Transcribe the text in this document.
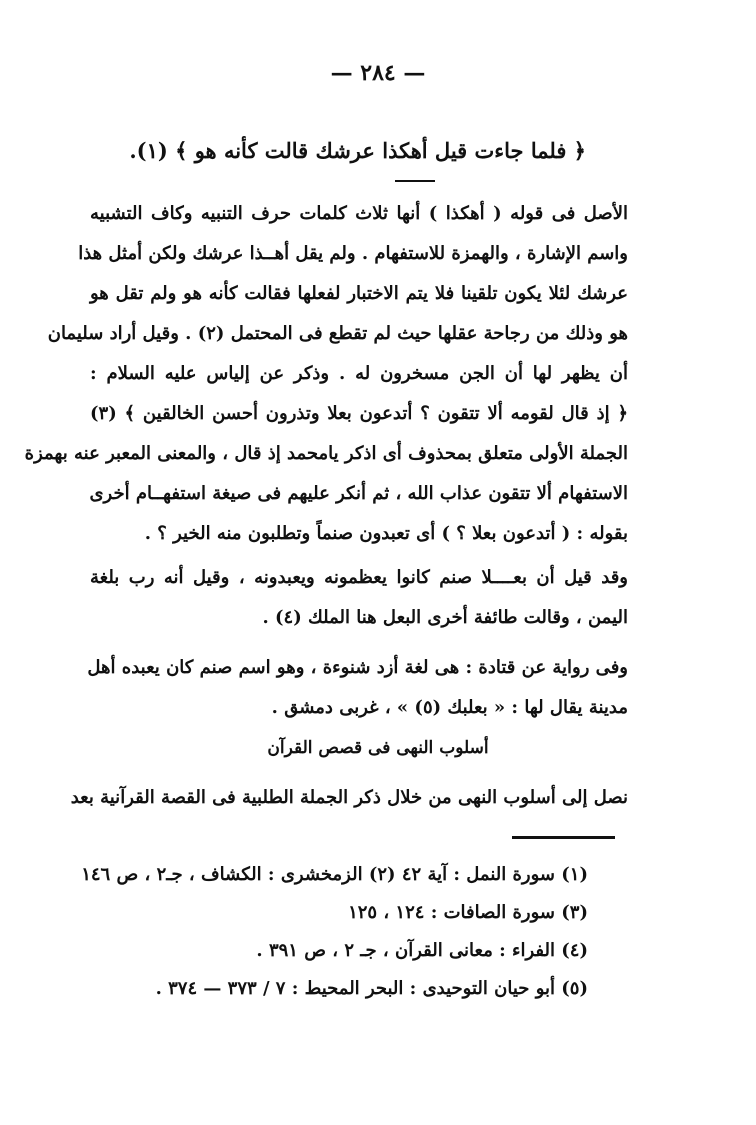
— ٢٨٤ —
﴿ فلما جاءت قيل أهكذا عرشك قالت كأنه هو ﴾ (١).
الأصل فى قوله ( أهكذا ) أنها ثلاث كلمات حرف التنبيه وكاف التشبيه
واسم الإشارة ، والهمزة للاستفهام . ولم يقل أهــذا عرشك ولكن أمثل هذا
عرشك لئلا يكون تلقينا فلا يتم الاختبار لفعلها فقالت كأنه هو ولم تقل هو
هو وذلك من رجاحة عقلها حيث لم تقطع فى المحتمل (٢) . وقيل أراد سليمان
أن يظهر لها أن الجن مسخرون له . وذكر عن إلياس عليه السلام :
﴿ إذ قال لقومه ألا تتقون ؟ أتدعون بعلا وتذرون أحسن الخالقين ﴾ (٣)
الجملة الأولى متعلق بمحذوف أى اذكر يامحمد إذ قال ، والمعنى المعبر عنه بهمزة
الاستفهام ألا تتقون عذاب الله ، ثم أنكر عليهم فى صيغة استفهــام أخرى
بقوله : ( أتدعون بعلا ؟ ) أى تعبدون صنماً وتطلبون منه الخير ؟ .
وقد قيل أن بعــــلا صنم كانوا يعظمونه ويعبدونه ، وقيل أنه رب بلغة
اليمن ، وقالت طائفة أخرى البعل هنا الملك (٤) .
وفى رواية عن قتادة : هى لغة أزد شنوءة ، وهو اسم صنم كان يعبده أهل
مدينة يقال لها : « بعلبك (٥) » ، غربى دمشق .
أسلوب النهى فى قصص القرآن
نصل إلى أسلوب النهى من خلال ذكر الجملة الطلبية فى القصة القرآنية بعد
(١) سورة النمل : آية ٤٢ (٢) الزمخشرى : الكشاف ، جـ٢ ، ص ١٤٦
(٣) سورة الصافات : ١٢٤ ، ١٢٥
(٤) الفراء : معانى القرآن ، جـ ٢ ، ص ٣٩١ .
(٥) أبو حيان التوحيدى : البحر المحيط : ٧ / ٣٧٣ — ٣٧٤ .
